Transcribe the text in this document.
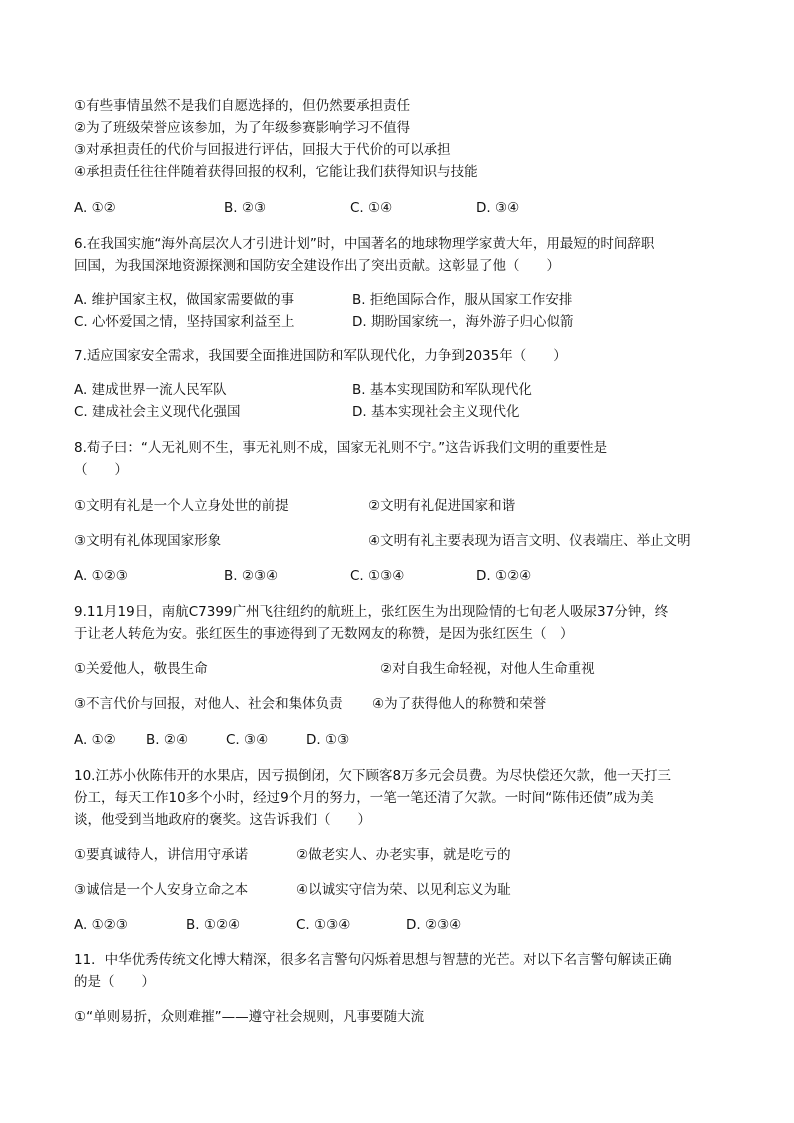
①有些事情虽然不是我们自愿选择的，但仍然要承担责任
②为了班级荣誉应该参加，为了年级参赛影响学习不值得
③对承担责任的代价与回报进行评估，回报大于代价的可以承担
④承担责任往往伴随着获得回报的权利，它能让我们获得知识与技能
A. ①②	B. ②③	C. ①④	D. ③④
6.在我国实施“海外高层次人才引进计划”时，中国著名的地球物理学家黄大年，用最短的时间辞职
回国，为我国深地资源探测和国防安全建设作出了突出贡献。这彰显了他（　　）
A. 维护国家主权，做国家需要做的事	B. 拒绝国际合作，服从国家工作安排
C. 心怀爱国之情，坚持国家利益至上	D. 期盼国家统一，海外游子归心似箭
7.适应国家安全需求，我国要全面推进国防和军队现代化，力争到2035年（　　）
A. 建成世界一流人民军队	B. 基本实现国防和军队现代化
C. 建成社会主义现代化强国	D. 基本实现社会主义现代化
8.荀子曰：“人无礼则不生，事无礼则不成，国家无礼则不宁。”这告诉我们文明的重要性是
（　　）
①文明有礼是一个人立身处世的前提	②文明有礼促进国家和谐
③文明有礼体现国家形象	④文明有礼主要表现为语言文明、仪表端庄、举止文明
A. ①②③	B. ②③④	C. ①③④	D. ①②④
9.11月19日，南航C7399广州飞往纽约的航班上，张红医生为出现险情的七旬老人吸尿37分钟，终
于让老人转危为安。张红医生的事迹得到了无数网友的称赞，是因为张红医生（　）
①关爱他人，敬畏生命	②对自我生命轻视，对他人生命重视
③不言代价与回报，对他人、社会和集体负责 ④为了获得他人的称赞和荣誉
A. ①② B. ②④	C. ③④	D. ①③
10.江苏小伙陈伟开的水果店，因亏损倒闭，欠下顾客8万多元会员费。为尽快偿还欠款，他一天打三
份工，每天工作10多个小时，经过9个月的努力，一笔一笔还清了欠款。一时间“陈伟还债”成为美
谈，他受到当地政府的褒奖。这告诉我们（　　）
①要真诚待人，讲信用守承诺	②做老实人、办老实事，就是吃亏的
③诚信是一个人安身立命之本	④以诚实守信为荣、以见利忘义为耻
A. ①②③	B. ①②④	C. ①③④	D. ②③④
11．中华优秀传统文化博大精深，很多名言警句闪烁着思想与智慧的光芒。对以下名言警句解读正确
的是（　　）
①“单则易折，众则难摧”——遵守社会规则，凡事要随大流
